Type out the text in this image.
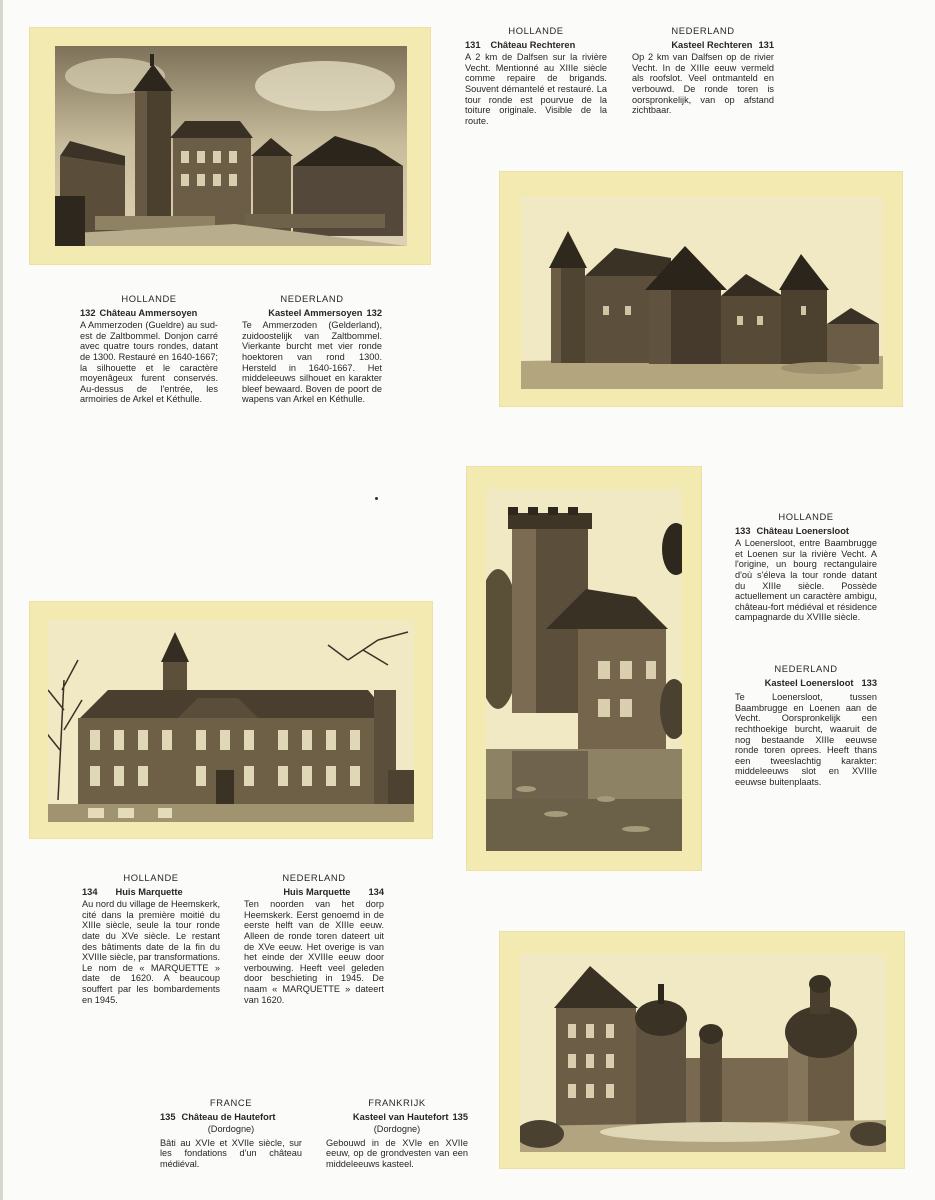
HOLLANDE
131 Château Rechteren
A 2 km de Dalfsen sur la rivière Vecht. Mentionné au XIIIe siècle comme repaire de brigands. Souvent démantelé et restauré. La tour ronde est pourvue de la toiture originale. Visible de la route.
NEDERLAND
Kasteel Rechteren 131
Op 2 km van Dalfsen op de rivier Vecht. In de XIIIe eeuw vermeld als roofslot. Veel ontmanteld en verbouwd. De ronde toren is oorspronkelijk, van op afstand zichtbaar.
HOLLANDE
132 Château Ammersoyen
A Ammerzoden (Gueldre) au sud-est de Zaltbommel. Donjon carré avec quatre tours rondes, datant de 1300. Restauré en 1640-1667; la silhouette et le caractère moyenâgeux furent conservés. Au-dessus de l'entrée, les armoiries de Arkel et Kéthulle.
NEDERLAND
Kasteel Ammersoyen 132
Te Ammerzoden (Gelderland), zuidoostelijk van Zaltbommel. Vierkante burcht met vier ronde hoektoren van rond 1300. Hersteld in 1640-1667. Het middeleeuws silhouet en karakter bleef bewaard. Boven de poort de wapens van Arkel en Kéthulle.
HOLLANDE
133 Château Loenersloot
A Loenersloot, entre Baambrugge et Loenen sur la rivière Vecht. A l'origine, un bourg rectangulaire d'où s'éleva la tour ronde datant du XIIIe siècle. Possède actuellement un caractère ambigu, château-fort médiéval et résidence campagnarde du XVIIIe siècle.
NEDERLAND
Kasteel Loenersloot 133
Te Loenersloot, tussen Baambrugge en Loenen aan de Vecht. Oorspronkelijk een rechthoekige burcht, waaruit de nog bestaande XIIIe eeuwse ronde toren oprees. Heeft thans een tweeslachtig karakter: middeleeuws slot en XVIIIe eeuwse buitenplaats.
HOLLANDE
134 Huis Marquette
Au nord du village de Heemskerk, cité dans la première moitié du XIIIe siècle, seule la tour ronde date du XVe siècle. Le restant des bâtiments date de la fin du XVIIIe siècle, par transformations. Le nom de « MARQUETTE » date de 1620. A beaucoup souffert par les bombardements en 1945.
NEDERLAND
Huis Marquette 134
Ten noorden van het dorp Heemskerk. Eerst genoemd in de eerste helft van de XIIIe eeuw. Alleen de ronde toren dateert uit de XVe eeuw. Het overige is van het einde der XVIIIe eeuw door verbouwing. Heeft veel geleden door beschieting in 1945. De naam « MARQUETTE » dateert van 1620.
FRANCE
135 Château de Hautefort
(Dordogne)
Bâti au XVIe et XVIIe siècle, sur les fondations d'un château médiéval.
FRANKRIJK
Kasteel van Hautefort 135
(Dordogne)
Gebouwd in de XVIe en XVIIe eeuw, op de grondvesten van een middeleeuws kasteel.
